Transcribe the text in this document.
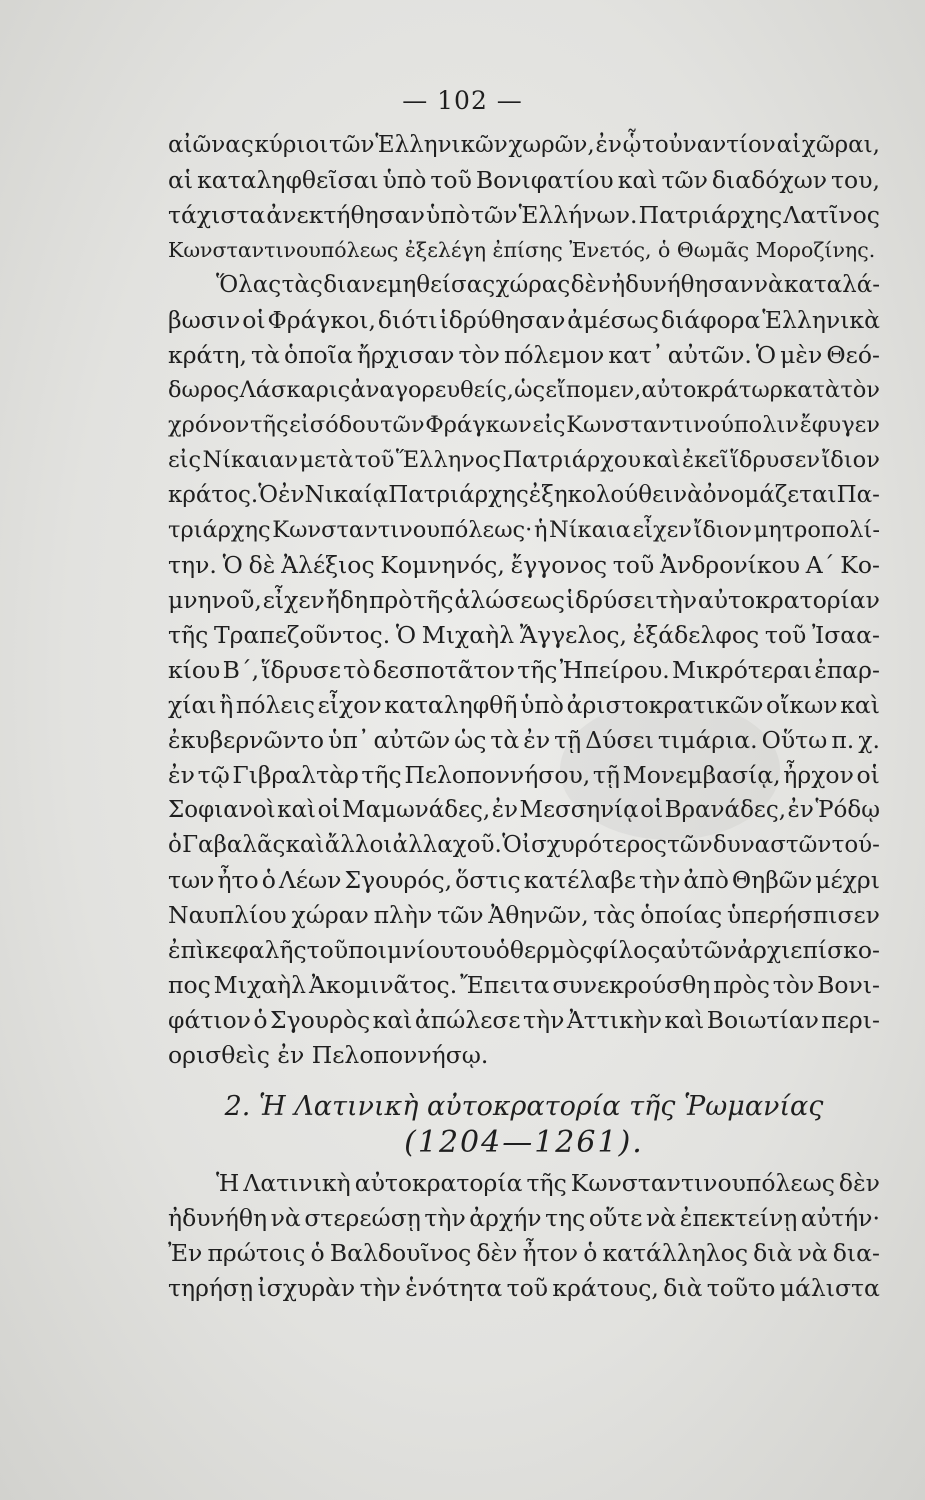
— 102 —
αἰῶνας κύριοι τῶν Ἑλληνικῶν χωρῶν, ἐν ᾧ τοὐναντίον αἱ χῶραι,
αἱ καταληφθεῖσαι ὑπὸ τοῦ Βονιφατίου καὶ τῶν διαδόχων του,
τάχιστα ἀνεκτήθησαν ὑπὸ τῶν Ἑλλήνων. Πατριάρχης Λατῖνος
Κωνσταντινουπόλεως ἐξελέγη ἐπίσης Ἐνετός, ὁ Θωμᾶς Μοροζίνης.
Ὅλας τὰς διανεμηθείσας χώρας δὲν ἠδυνήθησαν νὰ καταλά-
βωσιν οἱ Φράγκοι, διότι ἱδρύθησαν ἀμέσως διάφορα Ἑλληνικὰ
κράτη, τὰ ὁποῖα ἤρχισαν τὸν πόλεμον κατ᾿ αὐτῶν. Ὁ μὲν Θεό-
δωρος Λάσκαρις ἀναγορευθείς, ὡς εἴπομεν, αὐτοκράτωρ κατὰ τὸν
χρόνον τῆς εἰσόδου τῶν Φράγκων εἰς Κωνσταντινούπολιν ἔφυγεν
εἰς Νίκαιαν μετὰ τοῦ Ἕλληνος Πατριάρχου καὶ ἐκεῖ ἵδρυσεν ἴδιον
κράτος. Ὁ ἐν Νικαίᾳ Πατριάρχης ἐξηκολούθει νὰ ὀνομάζεται Πα-
τριάρχης Κωνσταντινουπόλεως· ἡ Νίκαια εἶχεν ἴδιον μητροπολί-
την. Ὁ δὲ Ἀλέξιος Κομνηνός, ἔγγονος τοῦ Ἀνδρονίκου Α´ Κο-
μνηνοῦ, εἶχεν ἤδη πρὸ τῆς ἁλώσεως ἱδρύσει τὴν αὐτοκρατορίαν
τῆς Τραπεζοῦντος. Ὁ Μιχαὴλ Ἄγγελος, ἐξάδελφος τοῦ Ἰσαα-
κίου Β´, ἵδρυσε τὸ δεσποτᾶτον τῆς Ἠπείρου. Μικρότεραι ἐπαρ-
χίαι ἢ πόλεις εἶχον καταληφθῆ ὑπὸ ἀριστοκρατικῶν οἴκων καὶ
ἐκυβερνῶντο ὑπ᾿ αὐτῶν ὡς τὰ ἐν τῇ Δύσει τιμάρια. Οὕτω π. χ.
ἐν τῷ Γιβραλτὰρ τῆς Πελοποννήσου, τῇ Μονεμβασίᾳ, ἦρχον οἱ
Σοφιανοὶ καὶ οἱ Μαμωνάδες, ἐν Μεσσηνίᾳ οἱ Βρανάδες, ἐν Ῥόδῳ
ὁ Γαβαλᾶς καὶ ἄλλοι ἀλλαχοῦ. Ὁ ἰσχυρότερος τῶν δυναστῶν τού-
των ἦτο ὁ Λέων Σγουρός, ὅστις κατέλαβε τὴν ἀπὸ Θηβῶν μέχρι
Ναυπλίου χώραν πλὴν τῶν Ἀθηνῶν, τὰς ὁποίας ὑπερήσπισεν
ἐπὶ κεφαλῆς τοῦ ποιμνίου του ὁ θερμὸς φίλος αὐτῶν ἀρχιεπίσκο-
πος Μιχαὴλ Ἀκομινᾶτος. Ἔπειτα συνεκρούσθη πρὸς τὸν Βονι-
φάτιον ὁ Σγουρὸς καὶ ἀπώλεσε τὴν Ἀττικὴν καὶ Βοιωτίαν περι-
ορισθεὶς ἐν Πελοποννήσῳ.
2. Ἡ Λατινικὴ αὐτοκρατορία τῆς Ῥωμανίας
(1204—1261).
Ἡ Λατινικὴ αὐτοκρατορία τῆς Κωνσταντινουπόλεως δὲν
ἠδυνήθη νὰ στερεώσῃ τὴν ἀρχήν της οὔτε νὰ ἐπεκτείνῃ αὐτήν·
Ἐν πρώτοις ὁ Βαλδουῖνος δὲν ἦτον ὁ κατάλληλος διὰ νὰ δια-
τηρήσῃ ἰσχυρὰν τὴν ἑνότητα τοῦ κράτους, διὰ τοῦτο μάλιστα
